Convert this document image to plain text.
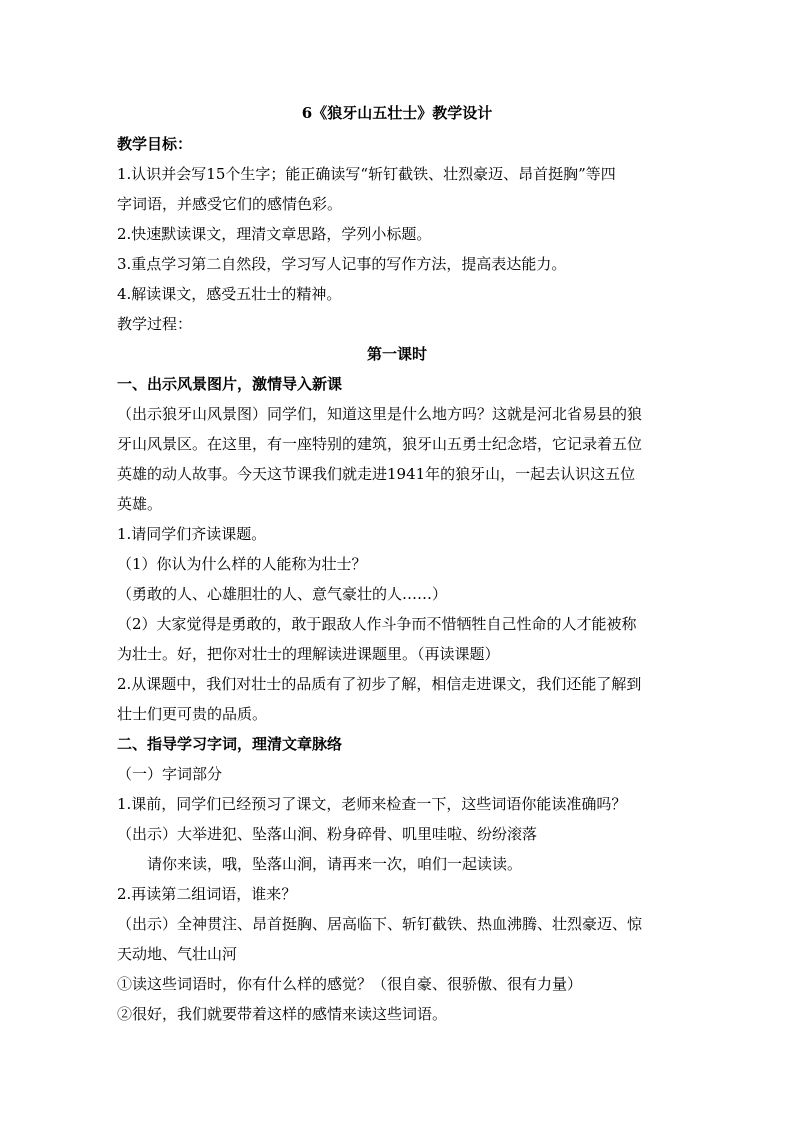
6《狼牙山五壮士》教学设计
教学目标：
1.认识并会写15个生字；能正确读写“斩钉截铁、壮烈豪迈、昂首挺胸”等四
字词语，并感受它们的感情色彩。
2.快速默读课文，理清文章思路，学列小标题。
3.重点学习第二自然段，学习写人记事的写作方法，提高表达能力。
4.解读课文，感受五壮士的精神。
教学过程：
第一课时
一、出示风景图片，激情导入新课
（出示狼牙山风景图）同学们，知道这里是什么地方吗？这就是河北省易县的狼
牙山风景区。在这里，有一座特别的建筑，狼牙山五勇士纪念塔，它记录着五位
英雄的动人故事。今天这节课我们就走进1941年的狼牙山，一起去认识这五位
英雄。
1.请同学们齐读课题。
（1）你认为什么样的人能称为壮士？
（勇敢的人、心雄胆壮的人、意气豪壮的人……）
（2）大家觉得是勇敢的，敢于跟敌人作斗争而不惜牺牲自己性命的人才能被称
为壮士。好，把你对壮士的理解读进课题里。（再读课题）
2.从课题中，我们对壮士的品质有了初步了解，相信走进课文，我们还能了解到
壮士们更可贵的品质。
二、指导学习字词，理清文章脉络
（一）字词部分
1.课前，同学们已经预习了课文，老师来检查一下，这些词语你能读准确吗？
（出示）大举进犯、坠落山涧、粉身碎骨、叽里哇啦、纷纷滚落
请你来读，哦，坠落山涧，请再来一次，咱们一起读读。
2.再读第二组词语，谁来？
（出示）全神贯注、昂首挺胸、居高临下、斩钉截铁、热血沸腾、壮烈豪迈、惊
天动地、气壮山河
①读这些词语时，你有什么样的感觉？（很自豪、很骄傲、很有力量）
②很好，我们就要带着这样的感情来读这些词语。
